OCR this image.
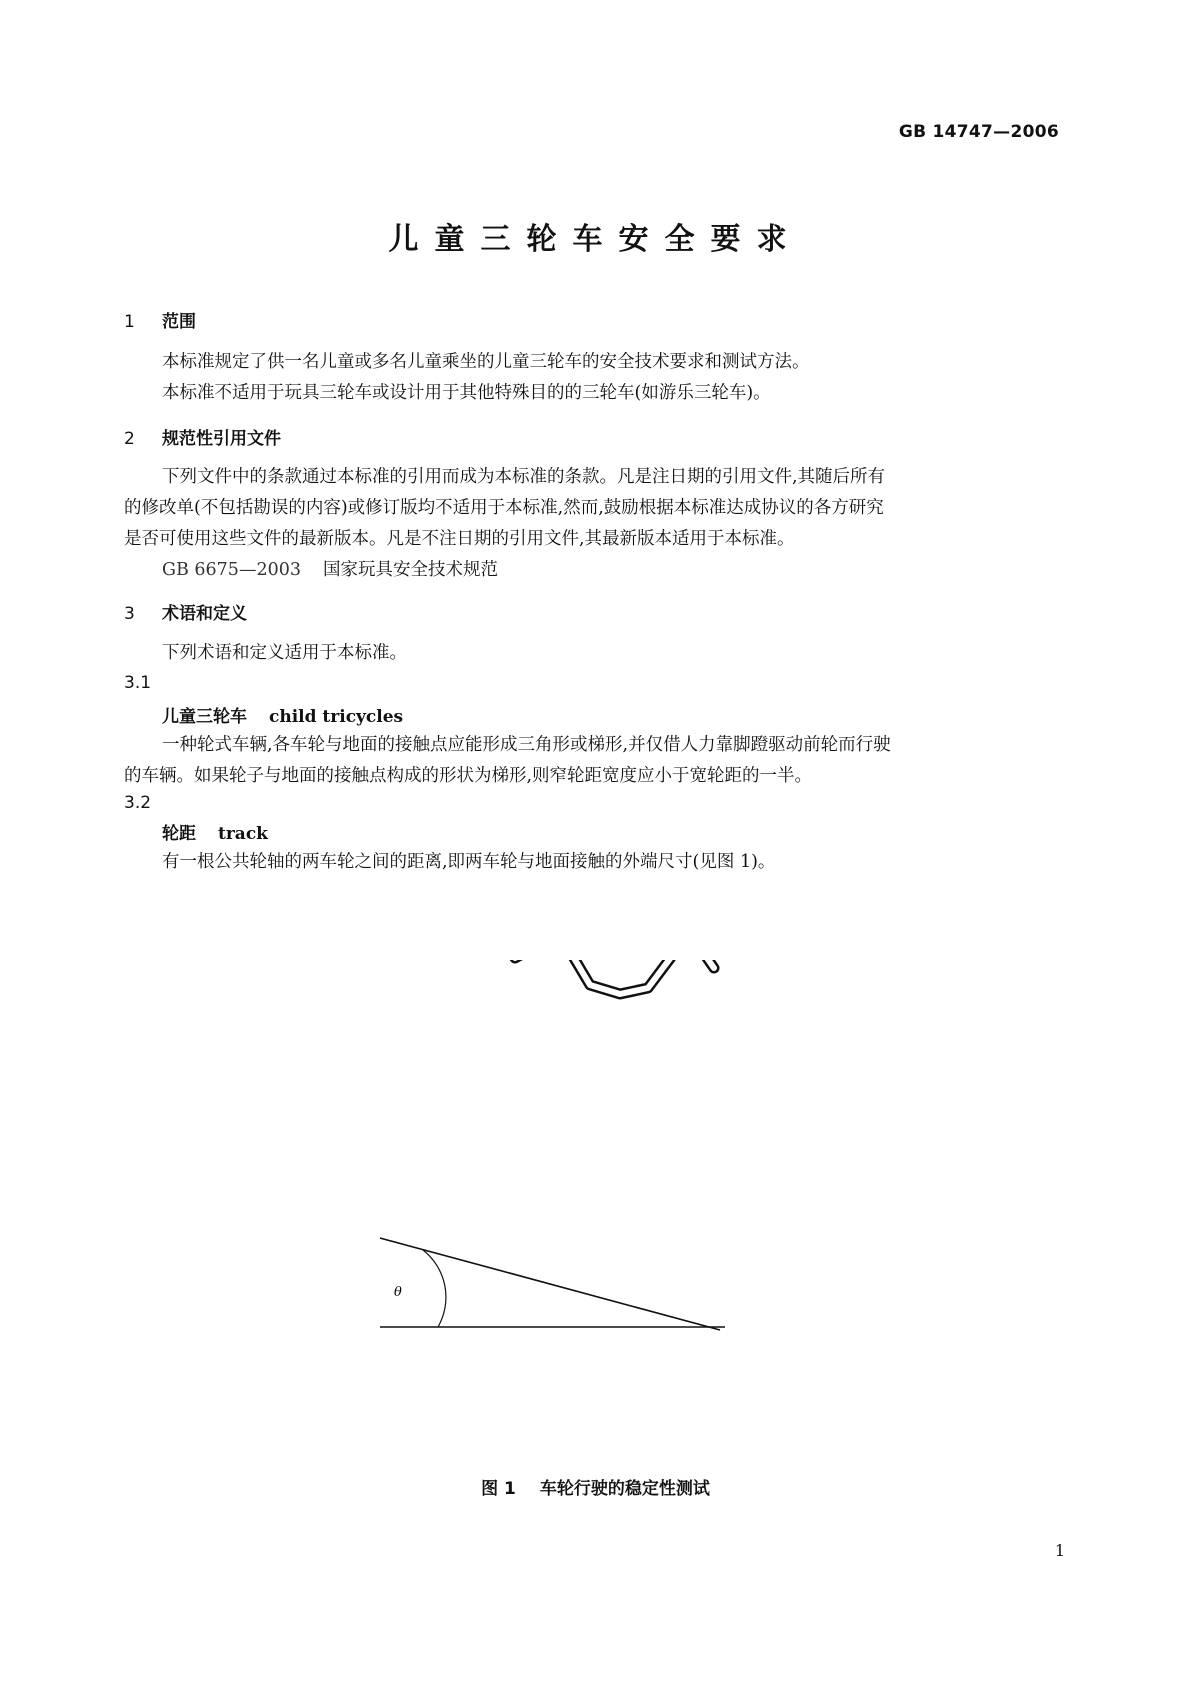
GB 14747—2006
儿童三轮车安全要求
1 范围
本标准规定了供一名儿童或多名儿童乘坐的儿童三轮车的安全技术要求和测试方法。
本标准不适用于玩具三轮车或设计用于其他特殊目的的三轮车(如游乐三轮车)。
2 规范性引用文件
下列文件中的条款通过本标准的引用而成为本标准的条款。凡是注日期的引用文件,其随后所有
的修改单(不包括勘误的内容)或修订版均不适用于本标准,然而,鼓励根据本标准达成协议的各方研究
是否可使用这些文件的最新版本。凡是不注日期的引用文件,其最新版本适用于本标准。
GB 6675—2003 国家玩具安全技术规范
3 术语和定义
下列术语和定义适用于本标准。
3.1
儿童三轮车 child tricycles
一种轮式车辆,各车轮与地面的接触点应能形成三角形或梯形,并仅借人力靠脚蹬驱动前轮而行驶
的车辆。如果轮子与地面的接触点构成的形状为梯形,则窄轮距宽度应小于宽轮距的一半。
3.2
轮距 track
有一根公共轮轴的两车轮之间的距离,即两车轮与地面接触的外端尺寸(见图 1)。
θ
图 1 车轮行驶的稳定性测试
1
